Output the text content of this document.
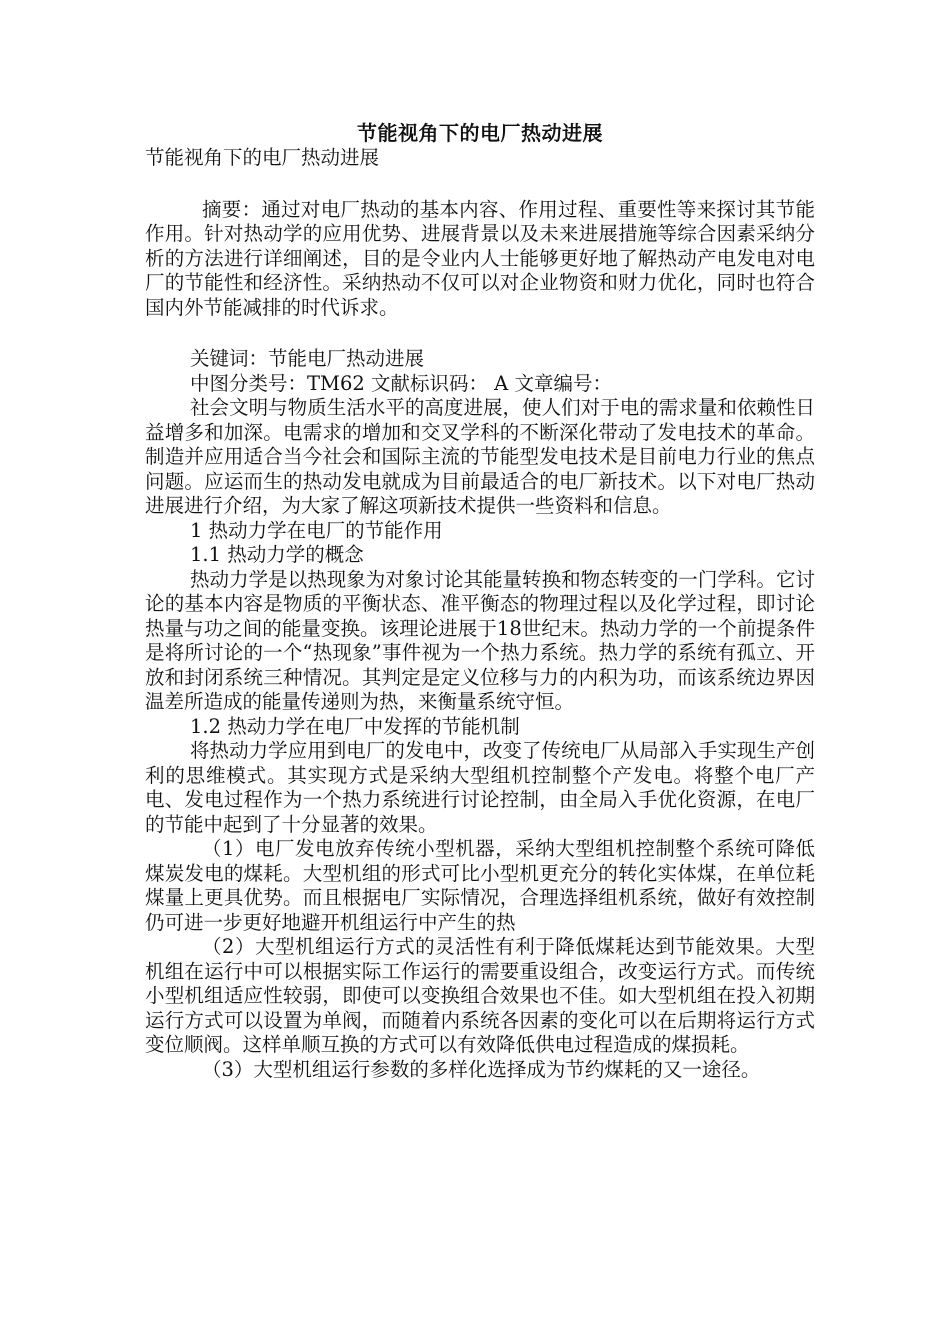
节能视角下的电厂热动进展

节能视角下的电厂热动进展

摘要：通过对电厂热动的基本内容、作用过程、重要性等来探讨其节能作用。针对热动学的应用优势、进展背景以及未来进展措施等综合因素采纳分析的方法进行详细阐述，目的是令业内人士能够更好地了解热动产电发电对电厂的节能性和经济性。采纳热动不仅可以对企业物资和财力优化，同时也符合国内外节能减排的时代诉求。

关键词：节能电厂热动进展

中图分类号：TM62 文献标识码： A 文章编号：

社会文明与物质生活水平的高度进展，使人们对于电的需求量和依赖性日益增多和加深。电需求的增加和交叉学科的不断深化带动了发电技术的革命。制造并应用适合当今社会和国际主流的节能型发电技术是目前电力行业的焦点问题。应运而生的热动发电就成为目前最适合的电厂新技术。以下对电厂热动进展进行介绍，为大家了解这项新技术提供一些资料和信息。

1 热动力学在电厂的节能作用

1.1 热动力学的概念

热动力学是以热现象为对象讨论其能量转换和物态转变的一门学科。它讨论的基本内容是物质的平衡状态、准平衡态的物理过程以及化学过程，即讨论热量与功之间的能量变换。该理论进展于18世纪末。热动力学的一个前提条件是将所讨论的一个“热现象”事件视为一个热力系统。热力学的系统有孤立、开放和封闭系统三种情况。其判定是定义位移与力的内积为功，而该系统边界因温差所造成的能量传递则为热，来衡量系统守恒。

1.2 热动力学在电厂中发挥的节能机制

将热动力学应用到电厂的发电中，改变了传统电厂从局部入手实现生产创利的思维模式。其实现方式是采纳大型组机控制整个产发电。将整个电厂产电、发电过程作为一个热力系统进行讨论控制，由全局入手优化资源，在电厂的节能中起到了十分显著的效果。

（1）电厂发电放弃传统小型机器，采纳大型组机控制整个系统可降低煤炭发电的煤耗。大型机组的形式可比小型机更充分的转化实体煤，在单位耗煤量上更具优势。而且根据电厂实际情况，合理选择组机系统，做好有效控制仍可进一步更好地避开机组运行中产生的热

（2）大型机组运行方式的灵活性有利于降低煤耗达到节能效果。大型机组在运行中可以根据实际工作运行的需要重设组合，改变运行方式。而传统小型机组适应性较弱，即使可以变换组合效果也不佳。如大型机组在投入初期运行方式可以设置为单阀，而随着内系统各因素的变化可以在后期将运行方式变位顺阀。这样单顺互换的方式可以有效降低供电过程造成的煤损耗。

（3）大型机组运行参数的多样化选择成为节约煤耗的又一途径。
